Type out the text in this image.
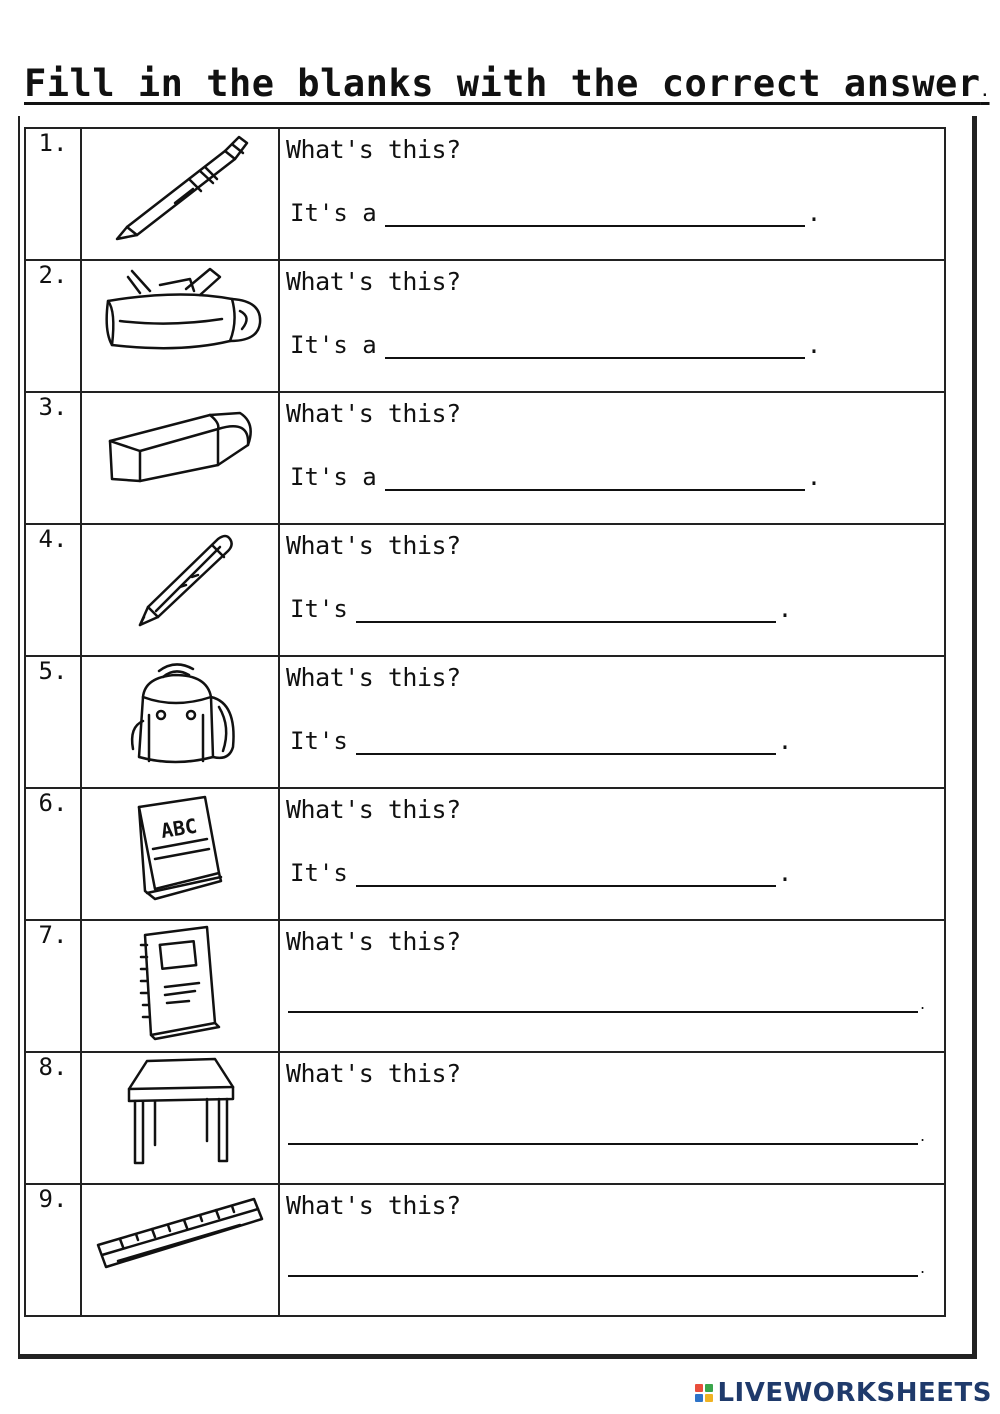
Fill in the blanks with the correct answer.
1.		What's this?
It's a .

2.		What's this?
It's a .

3.		What's this?
It's a .

4.		What's this?
It's .

5.		What's this?
It's .

6.	ABC	What's this?
It's .

7.		What's this?
.

8.		What's this?
.

9.		What's this?
.
LIVEWORKSHEETS
